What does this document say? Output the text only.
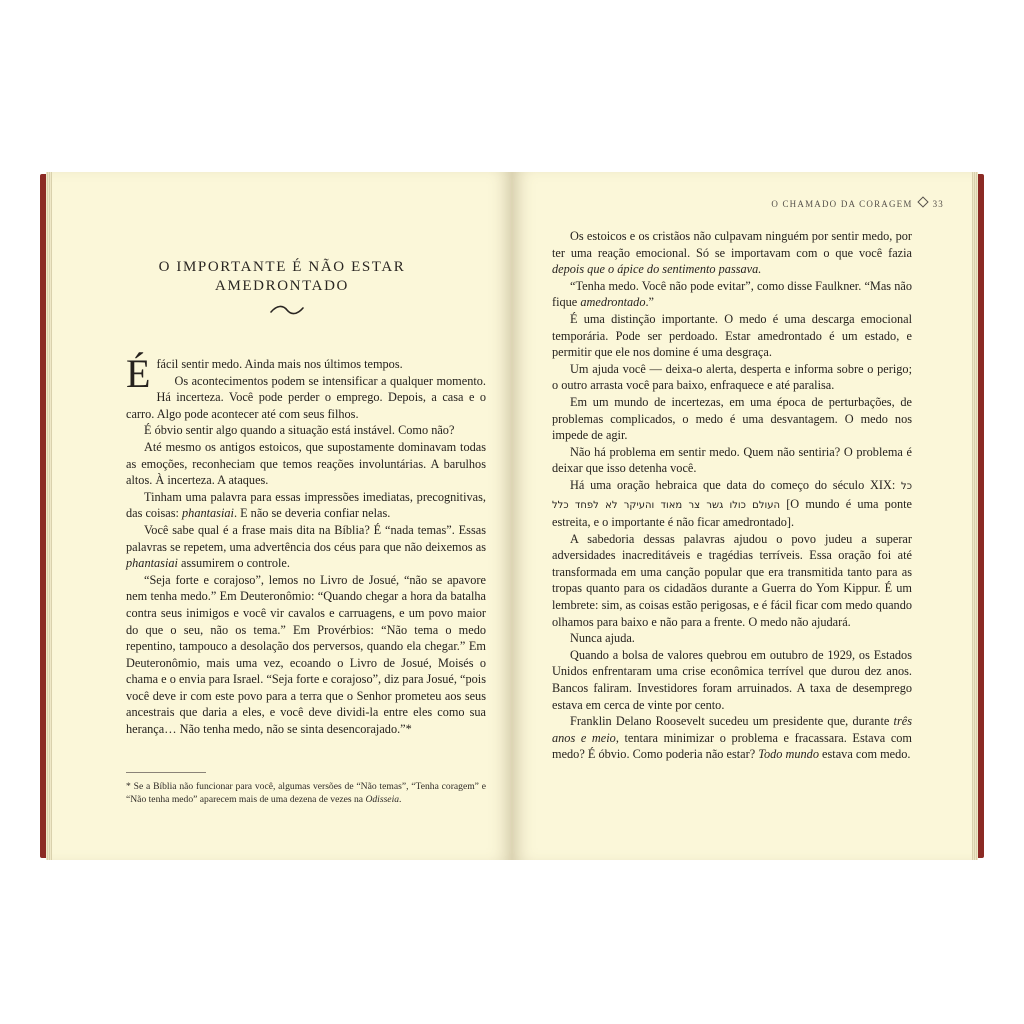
O IMPORTANTE É NÃO ESTAR
AMEDRONTADO

É fácil sentir medo. Ainda mais nos últimos tempos.

Os acontecimentos podem se intensificar a qualquer momento. Há incerteza. Você pode perder o emprego. Depois, a casa e o carro. Algo pode acontecer até com seus filhos.

É óbvio sentir algo quando a situação está instável. Como não?

Até mesmo os antigos estoicos, que supostamente dominavam todas as emoções, reconheciam que temos reações involuntárias. A barulhos altos. À incerteza. A ataques.

Tinham uma palavra para essas impressões imediatas, precognitivas, das coisas: phantasiai. E não se deveria confiar nelas.

Você sabe qual é a frase mais dita na Bíblia? É “nada temas”. Essas palavras se repetem, uma advertência dos céus para que não deixemos as phantasiai assumirem o controle.

“Seja forte e corajoso”, lemos no Livro de Josué, “não se apavore nem tenha medo.” Em Deuteronômio: “Quando chegar a hora da batalha contra seus inimigos e você vir cavalos e carruagens, e um povo maior do que o seu, não os tema.” Em Provérbios: “Não tema o medo repentino, tampouco a desolação dos perversos, quando ela chegar.” Em Deuteronômio, mais uma vez, ecoando o Livro de Josué, Moisés o chama e o envia para Israel. “Seja forte e corajoso”, diz para Josué, “pois você deve ir com este povo para a terra que o Senhor prometeu aos seus ancestrais que daria a eles, e você deve dividi-la entre eles como sua herança… Não tenha medo, não se sinta desencorajado.”*

* Se a Bíblia não funcionar para você, algumas versões de “Não temas”, “Tenha coragem” e “Não tenha medo” aparecem mais de uma dezena de vezes na Odisseia.
O CHAMADO DA CORAGEM 33

Os estoicos e os cristãos não culpavam ninguém por sentir medo, por ter uma reação emocional. Só se importavam com o que você fazia depois que o ápice do sentimento passava.

“Tenha medo. Você não pode evitar”, como disse Faulkner. “Mas não fique amedrontado.”

É uma distinção importante. O medo é uma descarga emocional temporária. Pode ser perdoado. Estar amedrontado é um estado, e permitir que ele nos domine é uma desgraça.

Um ajuda você — deixa-o alerta, desperta e informa sobre o perigo; o outro arrasta você para baixo, enfraquece e até paralisa.

Em um mundo de incertezas, em uma época de perturbações, de problemas complicados, o medo é uma desvantagem. O medo nos impede de agir.

Não há problema em sentir medo. Quem não sentiria? O problema é deixar que isso detenha você.

Há uma oração hebraica que data do começo do século XIX: כל העולם כולו גשר צר מאוד והעיקר לא לפחד כלל [O mundo é uma ponte estreita, e o importante é não ficar amedrontado].

A sabedoria dessas palavras ajudou o povo judeu a superar adversidades inacreditáveis e tragédias terríveis. Essa oração foi até transformada em uma canção popular que era transmitida tanto para as tropas quanto para os cidadãos durante a Guerra do Yom Kippur. É um lembrete: sim, as coisas estão perigosas, e é fácil ficar com medo quando olhamos para baixo e não para a frente. O medo não ajudará.

Nunca ajuda.

Quando a bolsa de valores quebrou em outubro de 1929, os Estados Unidos enfrentaram uma crise econômica terrível que durou dez anos. Bancos faliram. Investidores foram arruinados. A taxa de desemprego estava em cerca de vinte por cento.

Franklin Delano Roosevelt sucedeu um presidente que, durante três anos e meio, tentara minimizar o problema e fracassara. Estava com medo? É óbvio. Como poderia não estar? Todo mundo estava com medo.
